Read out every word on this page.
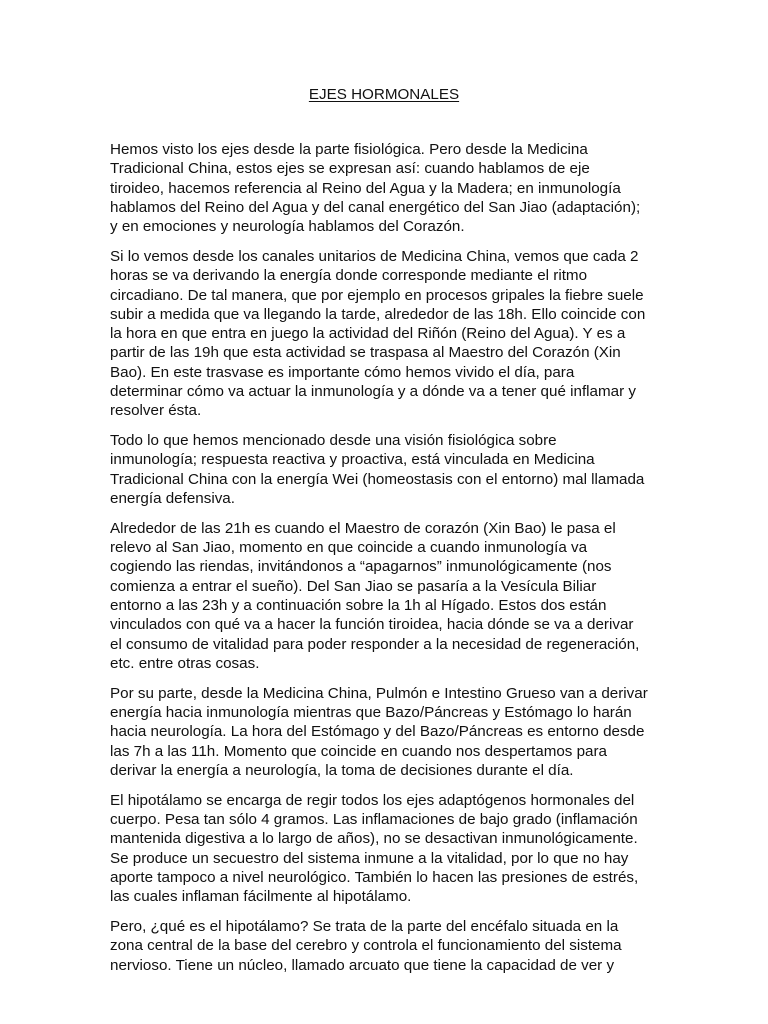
EJES HORMONALES

Hemos visto los ejes desde la parte fisiológica. Pero desde la Medicina
Tradicional China, estos ejes se expresan así: cuando hablamos de eje
tiroideo, hacemos referencia al Reino del Agua y la Madera; en inmunología
hablamos del Reino del Agua y del canal energético del San Jiao (adaptación);
y en emociones y neurología hablamos del Corazón.

Si lo vemos desde los canales unitarios de Medicina China, vemos que cada 2
horas se va derivando la energía donde corresponde mediante el ritmo
circadiano. De tal manera, que por ejemplo en procesos gripales la fiebre suele
subir a medida que va llegando la tarde, alrededor de las 18h. Ello coincide con
la hora en que entra en juego la actividad del Riñón (Reino del Agua). Y es a
partir de las 19h que esta actividad se traspasa al Maestro del Corazón (Xin
Bao). En este trasvase es importante cómo hemos vivido el día, para
determinar cómo va actuar la inmunología y a dónde va a tener qué inflamar y
resolver ésta.

Todo lo que hemos mencionado desde una visión fisiológica sobre
inmunología; respuesta reactiva y proactiva, está vinculada en Medicina
Tradicional China con la energía Wei (homeostasis con el entorno) mal llamada
energía defensiva.

Alrededor de las 21h es cuando el Maestro de corazón (Xin Bao) le pasa el
relevo al San Jiao, momento en que coincide a cuando inmunología va
cogiendo las riendas, invitándonos a “apagarnos” inmunológicamente (nos
comienza a entrar el sueño). Del San Jiao se pasaría a la Vesícula Biliar
entorno a las 23h y a continuación sobre la 1h al Hígado. Estos dos están
vinculados con qué va a hacer la función tiroidea, hacia dónde se va a derivar
el consumo de vitalidad para poder responder a la necesidad de regeneración,
etc. entre otras cosas.

Por su parte, desde la Medicina China, Pulmón e Intestino Grueso van a derivar
energía hacia inmunología mientras que Bazo/Páncreas y Estómago lo harán
hacia neurología. La hora del Estómago y del Bazo/Páncreas es entorno desde
las 7h a las 11h. Momento que coincide en cuando nos despertamos para
derivar la energía a neurología, la toma de decisiones durante el día.

El hipotálamo se encarga de regir todos los ejes adaptógenos hormonales del
cuerpo. Pesa tan sólo 4 gramos. Las inflamaciones de bajo grado (inflamación
mantenida digestiva a lo largo de años), no se desactivan inmunológicamente.
Se produce un secuestro del sistema inmune a la vitalidad, por lo que no hay
aporte tampoco a nivel neurológico. También lo hacen las presiones de estrés,
las cuales inflaman fácilmente al hipotálamo.

Pero, ¿qué es el hipotálamo? Se trata de la parte del encéfalo situada en la
zona central de la base del cerebro y controla el funcionamiento del sistema
nervioso. Tiene un núcleo, llamado arcuato que tiene la capacidad de ver y
